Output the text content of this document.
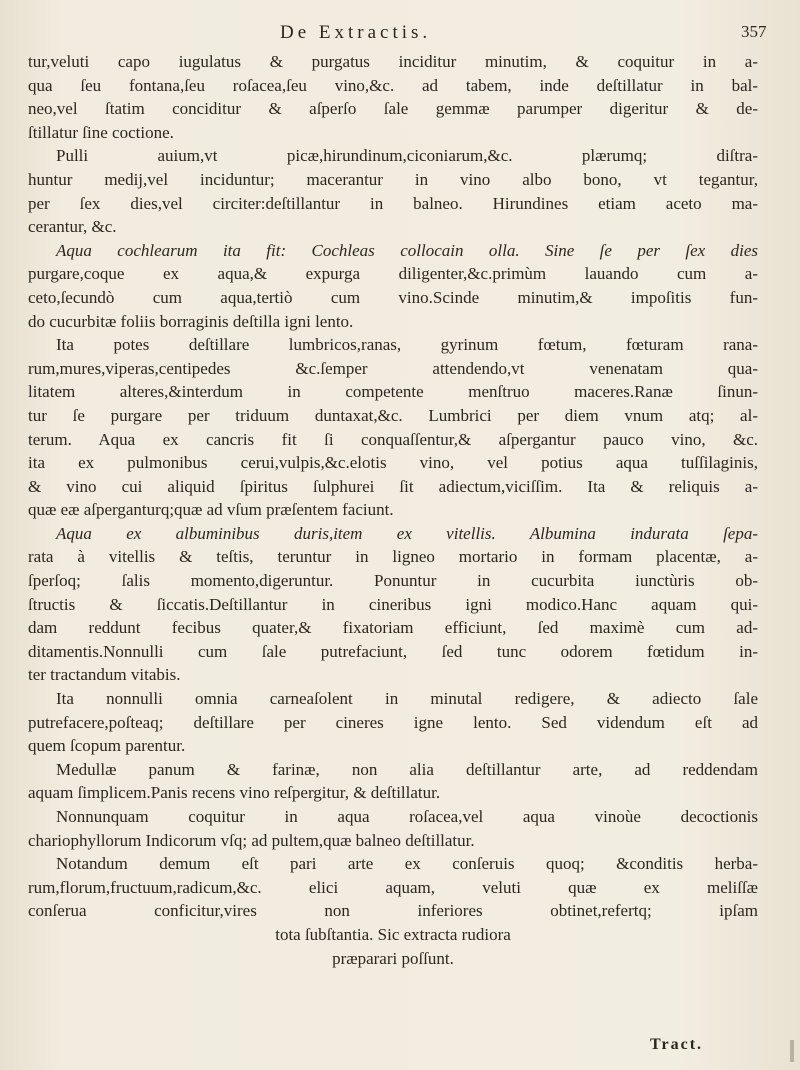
De Extractis.	357
tur,veluti capo iugulatus & purgatus inciditur minutim, & coquitur in a-
qua ſeu fontana,ſeu roſacea,ſeu vino,&c. ad tabem, inde deſtillatur in bal-
neo,vel ſtatim conciditur & aſperſo ſale gemmæ parumper digeritur & de-
ſtillatur ſine coctione.
Pulli auium,vt picæ,hirundinum,ciconiarum,&c. plærumq; diſtra-
huntur medij,vel inciduntur; macerantur in vino albo bono, vt tegantur,
per ſex dies,vel circiter:deſtillantur in balneo. Hirundines etiam aceto ma-
cerantur, &c.
Aqua cochlearum ita fit: Cochleas collocain olla. Sine ſe per ſex dies
purgare,coque ex aqua,& expurga diligenter,&c.primùm lauando cum a-
ceto,ſecundò cum aqua,tertiò cum vino.Scinde minutim,& impoſitis fun-
do cucurbitæ foliis borraginis deſtilla igni lento.
Ita potes deſtillare lumbricos,ranas, gyrinum fœtum, fœturam rana-
rum,mures,viperas,centipedes &c.ſemper attendendo,vt venenatam qua-
litatem alteres,&interdum in competente menſtruo maceres.Ranæ ſinun-
tur ſe purgare per triduum duntaxat,&c. Lumbrici per diem vnum atq; al-
terum. Aqua ex cancris fit ſi conquaſſentur,& aſpergantur pauco vino, &c.
ita ex pulmonibus cerui,vulpis,&c.elotis vino, vel potius aqua tuſſilaginis,
& vino cui aliquid ſpiritus ſulphurei ſit adiectum,viciſſim. Ita & reliquis a-
quæ eæ aſperganturq;quæ ad vſum præſentem faciunt.
Aqua ex albuminibus duris,item ex vitellis. Albumina indurata ſepa-
rata à vitellis & teſtis, teruntur in ligneo mortario in formam placentæ, a-
ſperſoq; ſalis momento,digeruntur. Ponuntur in cucurbita iunctùris ob-
ſtructis & ſiccatis.Deſtillantur in cineribus igni modico.Hanc aquam qui-
dam reddunt fecibus quater,& fixatoriam efficiunt, ſed maximè cum ad-
ditamentis.Nonnulli cum ſale putrefaciunt, ſed tunc odorem fœtidum in-
ter tractandum vitabis.
Ita nonnulli omnia carneaſolent in minutal redigere, & adiecto ſale
putrefacere,poſteaq; deſtillare per cineres igne lento. Sed videndum eſt ad
quem ſcopum parentur.
Medullæ panum & farinæ, non alia deſtillantur arte, ad reddendam
aquam ſimplicem.Panis recens vino reſpergitur, & deſtillatur.
Nonnunquam coquitur in aqua roſacea,vel aqua vinoùe decoctionis
chariophyllorum Indicorum vſq; ad pultem,quæ balneo deſtillatur.
Notandum demum eſt pari arte ex conſeruis quoq; &conditis herba-
rum,florum,fructuum,radicum,&c. elici aquam, veluti quæ ex meliſſæ
conſerua conficitur,vires non inferiores obtinet,refertq; ipſam
tota ſubſtantia. Sic extracta rudiora
præparari poſſunt.
Tract.
